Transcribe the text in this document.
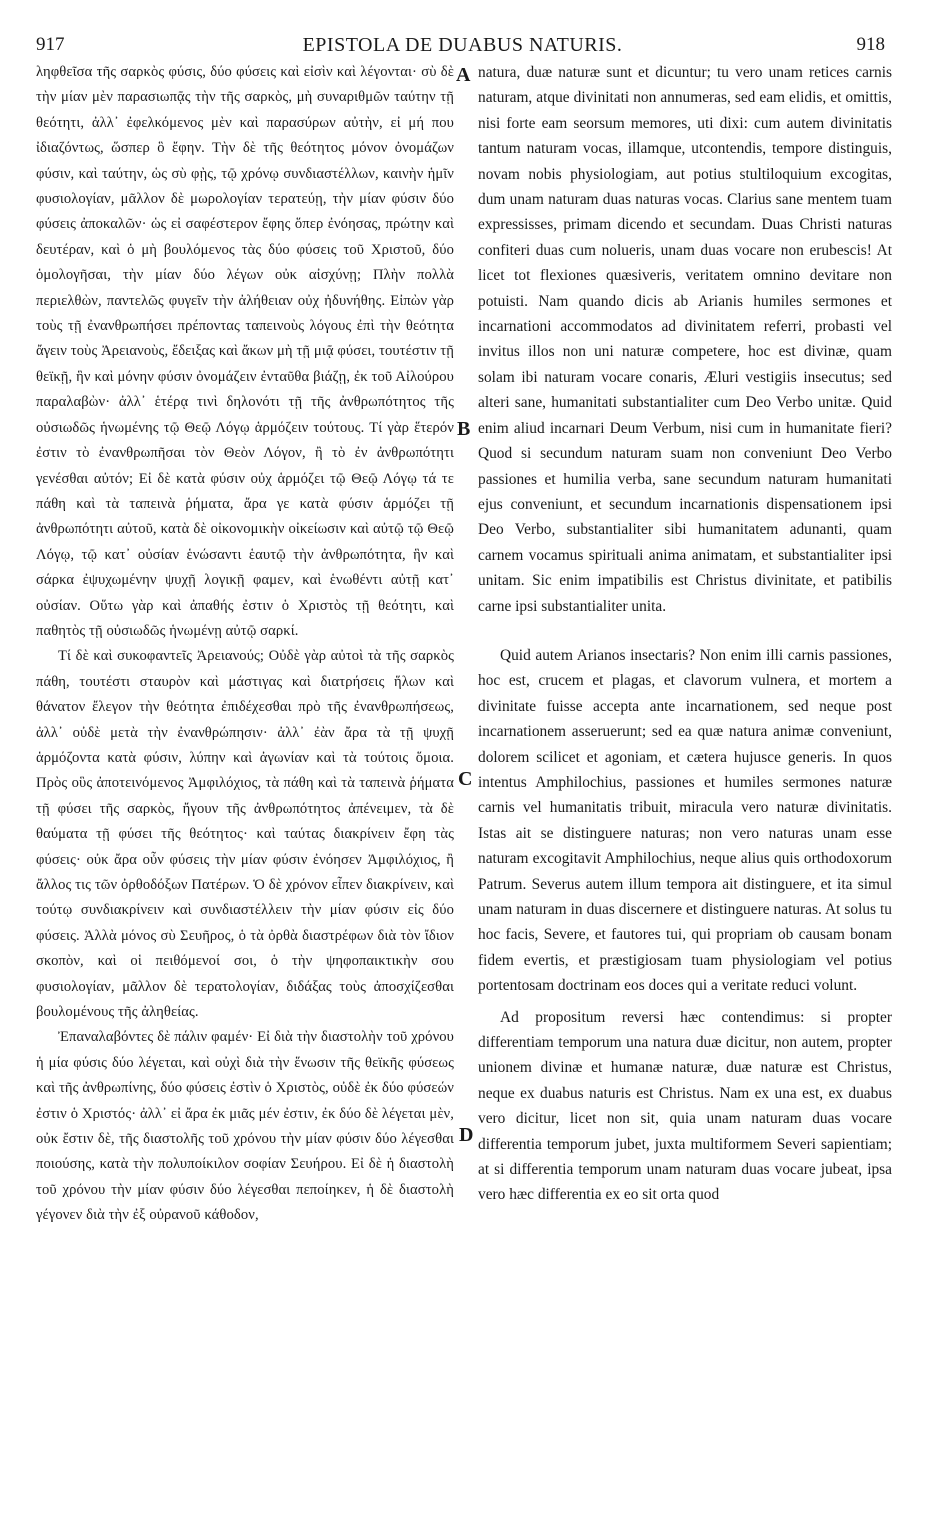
917	EPISTOLA DE DUABUS NATURIS.	918

ληφθεῖσα τῆς σαρκὸς φύσις, δύο φύσεις καὶ εἰσὶν καὶ λέγονται· σὺ δὲ τὴν μίαν μὲν παρασιωπᾷς τὴν τῆς σαρκὸς, μὴ συναριθμῶν ταύτην τῇ θεότητι, ἀλλ᾽ ἐφελκόμενος μὲν καὶ παρασύρων αὐτὴν, εἰ μή που ἰδιαζόντως, ὥσπερ ὃ ἔφην. Τὴν δὲ τῆς θεότητος μόνον ὀνομάζων φύσιν, καὶ ταύτην, ὡς σὺ φῂς, τῷ χρόνῳ συνδιαστέλλων, καινὴν ἡμῖν φυσιολογίαν, μᾶλλον δὲ μωρολογίαν τερατεύῃ, τὴν μίαν φύσιν δύο φύσεις ἀποκαλῶν· ὡς εἰ σαφέστερον ἔφης ὅπερ ἐνόησας, πρώτην καὶ δευτέραν, καὶ ὁ μὴ βουλόμενος τὰς δύο φύσεις τοῦ Χριστοῦ, δύο ὁμολογῆσαι, τὴν μίαν δύο λέγων οὐκ αἰσχύνῃ; Πλὴν πολλὰ περιελθὼν, παντελῶς φυγεῖν τὴν ἀλήθειαν οὐχ ἠδυνήθης. Εἰπὼν γὰρ τοὺς τῇ ἐνανθρωπήσει πρέποντας ταπεινοὺς λόγους ἐπὶ τὴν θεότητα ἄγειν τοὺς Ἀρειανοὺς, ἔδειξας καὶ ἄκων μὴ τῇ μιᾷ φύσει, τουτέστιν τῇ θεϊκῇ, ἣν καὶ μόνην φύσιν ὀνομάζειν ἐνταῦθα βιάζῃ, ἐκ τοῦ Αἰλούρου παραλαβὼν· ἀλλ᾽ ἑτέρᾳ τινὶ δηλονότι τῇ τῆς ἀνθρωπότητος τῆς οὐσιωδῶς ἡνωμένης τῷ Θεῷ Λόγῳ ἁρμόζειν τούτους. Τί γὰρ ἕτερόν ἐστιν τὸ ἐνανθρωπῆσαι τὸν Θεὸν Λόγον, ἢ τὸ ἐν ἀνθρωπότητι γενέσθαι αὐτόν; Εἰ δὲ κατὰ φύσιν οὐχ ἁρμόζει τῷ Θεῷ Λόγῳ τά τε πάθη καὶ τὰ ταπεινὰ ῥήματα, ἄρα γε κατὰ φύσιν ἁρμόζει τῇ ἀνθρωπότητι αὐτοῦ, κατὰ δὲ οἰκονομικὴν οἰκείωσιν καὶ αὐτῷ τῷ Θεῷ Λόγῳ, τῷ κατ᾽ οὐσίαν ἑνώσαντι ἑαυτῷ τὴν ἀνθρωπότητα, ἣν καὶ σάρκα ἐψυχωμένην ψυχῇ λογικῇ φαμεν, καὶ ἑνωθέντι αὐτῇ κατ᾽ οὐσίαν. Οὕτω γὰρ καὶ ἀπαθής ἐστιν ὁ Χριστὸς τῇ θεότητι, καὶ παθητὸς τῇ οὐσιωδῶς ἡνωμένῃ αὐτῷ σαρκί.

Τί δὲ καὶ συκοφαντεῖς Ἀρειανούς; Οὐδὲ γὰρ αὐτοὶ τὰ τῆς σαρκὸς πάθη, τουτέστι σταυρὸν καὶ μάστιγας καὶ διατρήσεις ἥλων καὶ θάνατον ἔλεγον τὴν θεότητα ἐπιδέχεσθαι πρὸ τῆς ἐνανθρωπήσεως, ἀλλ᾽ οὐδὲ μετὰ τὴν ἐνανθρώπησιν· ἀλλ᾽ ἐὰν ἄρα τὰ τῇ ψυχῇ ἁρμόζοντα κατὰ φύσιν, λύπην καὶ ἀγωνίαν καὶ τὰ τούτοις ὅμοια. Πρὸς οὓς ἀποτεινόμενος Ἀμφιλόχιος, τὰ πάθη καὶ τὰ ταπεινὰ ῥήματα τῇ φύσει τῆς σαρκὸς, ἤγουν τῆς ἀνθρωπότητος ἀπένειμεν, τὰ δὲ θαύματα τῇ φύσει τῆς θεότητος· καὶ ταύτας διακρίνειν ἔφη τὰς φύσεις· οὐκ ἄρα οὖν φύσεις τὴν μίαν φύσιν ἐνόησεν Ἀμφιλόχιος, ἢ ἄλλος τις τῶν ὀρθοδόξων Πατέρων. Ὁ δὲ χρόνον εἶπεν διακρίνειν, καὶ τούτῳ συνδιακρίνειν καὶ συνδιαστέλλειν τὴν μίαν φύσιν εἰς δύο φύσεις. Ἀλλὰ μόνος σὺ Σευῆρος, ὁ τὰ ὀρθὰ διαστρέφων διὰ τὸν ἴδιον σκοπὸν, καὶ οἱ πειθόμενοί σοι, ὁ τὴν ψηφοπαικτικὴν σου φυσιολογίαν, μᾶλλον δὲ τερατολογίαν, διδάξας τοὺς ἀποσχίζεσθαι βουλομένους τῆς ἀληθείας.

Ἐπαναλαβόντες δὲ πάλιν φαμέν· Εἰ διὰ τὴν διαστολὴν τοῦ χρόνου ἡ μία φύσις δύο λέγεται, καὶ οὐχὶ διὰ τὴν ἕνωσιν τῆς θεϊκῆς φύσεως καὶ τῆς ἀνθρωπίνης, δύο φύσεις ἐστὶν ὁ Χριστὸς, οὐδὲ ἐκ δύο φύσεών ἐστιν ὁ Χριστός· ἀλλ᾽ εἰ ἄρα ἐκ μιᾶς μέν ἐστιν, ἐκ δύο δὲ λέγεται μὲν, οὐκ ἔστιν δὲ, τῆς διαστολῆς τοῦ χρόνου τὴν μίαν φύσιν δύο λέγεσθαι ποιούσης, κατὰ τὴν πολυποίκιλον σοφίαν Σευήρου. Εἰ δὲ ἡ διαστολὴ τοῦ χρόνου τὴν μίαν φύσιν δύο λέγεσθαι πεποίηκεν, ἡ δὲ διαστολὴ γέγονεν διὰ τὴν ἐξ οὐρανοῦ κάθοδον,

natura, duæ naturæ sunt et dicuntur; tu vero unam retices carnis naturam, atque divinitati non annumeras, sed eam elidis, et omittis, nisi forte eam seorsum memores, uti dixi: cum autem divinitatis tantum naturam vocas, illamque, utcontendis, tempore distinguis, novam nobis physiologiam, aut potius stultiloquium excogitas, dum unam naturam duas naturas vocas. Clarius sane mentem tuam expressisses, primam dicendo et secundam. Duas Christi naturas confiteri duas cum nolueris, unam duas vocare non erubescis! At licet tot flexiones quæsiveris, veritatem omnino devitare non potuisti. Nam quando dicis ab Arianis humiles sermones et incarnationi accommodatos ad divinitatem referri, probasti vel invitus illos non uni naturæ competere, hoc est divinæ, quam solam ibi naturam vocare conaris, Æluri vestigiis insecutus; sed alteri sane, humanitati substantialiter cum Deo Verbo unitæ. Quid enim aliud incarnari Deum Verbum, nisi cum in humanitate fieri? Quod si secundum naturam suam non conveniunt Deo Verbo passiones et humilia verba, sane secundum naturam humanitati ejus conveniunt, et secundum incarnationis dispensationem ipsi Deo Verbo, substantialiter sibi humanitatem adunanti, quam carnem vocamus spirituali anima animatam, et substantialiter ipsi unitam. Sic enim impatibilis est Christus divinitate, et patibilis carne ipsi substantialiter unita.

Quid autem Arianos insectaris? Non enim illi carnis passiones, hoc est, crucem et plagas, et clavorum vulnera, et mortem a divinitate fuisse accepta ante incarnationem, sed neque post incarnationem asseruerunt; sed ea quæ natura animæ conveniunt, dolorem scilicet et agoniam, et cætera hujusce generis. In quos intentus Amphilochius, passiones et humiles sermones naturæ carnis vel humanitatis tribuit, miracula vero naturæ divinitatis. Istas ait se distinguere naturas; non vero naturas unam esse naturam excogitavit Amphilochius, neque alius quis orthodoxorum Patrum. Severus autem illum tempora ait distinguere, et ita simul unam naturam in duas discernere et distinguere naturas. At solus tu hoc facis, Severe, et fautores tui, qui propriam ob causam bonam fidem evertis, et præstigiosam tuam physiologiam vel potius portentosam doctrinam eos doces qui a veritate reduci volunt.

Ad propositum reversi hæc contendimus: si propter differentiam temporum una natura duæ dicitur, non autem, propter unionem divinæ et humanæ naturæ, duæ naturæ est Christus, neque ex duabus naturis est Christus. Nam ex una est, ex duabus vero dicitur, licet non sit, quia unam naturam duas vocare differentia temporum jubet, juxta multiformem Severi sapientiam; at si differentia temporum unam naturam duas vocare jubeat, ipsa vero hæc differentia ex eo sit orta quod

A
B
C
D
